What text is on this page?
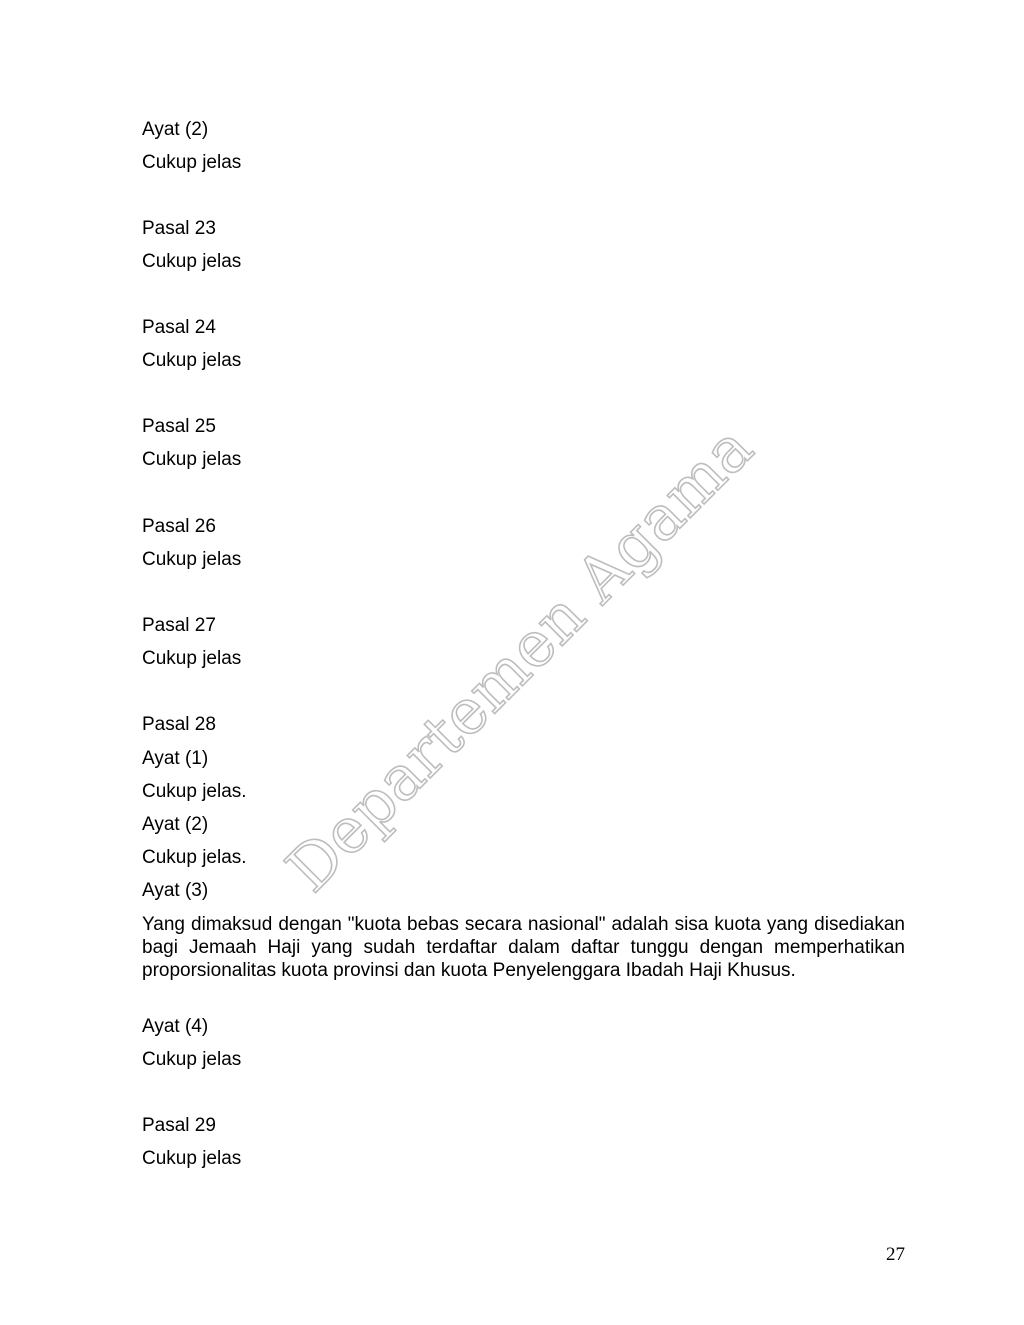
Ayat (2)
Cukup jelas
Pasal 23
Cukup jelas
Pasal 24
Cukup jelas
Pasal 25
Cukup jelas
Pasal 26
Cukup jelas
Pasal 27
Cukup jelas
Pasal 28
Ayat (1)
Cukup jelas.
Ayat (2)
Cukup jelas.
Ayat (3)
Yang dimaksud dengan "kuota bebas secara nasional" adalah sisa kuota yang disediakan bagi Jemaah Haji yang sudah terdaftar dalam daftar tunggu dengan memperhatikan proporsionalitas kuota provinsi dan kuota Penyelenggara Ibadah Haji Khusus.
Ayat (4)
Cukup jelas
Pasal 29
Cukup jelas
Departemen Agama
27
